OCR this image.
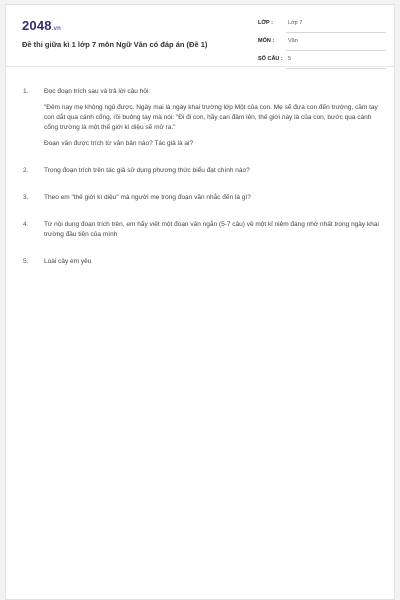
2048.vn
Đề thi giữa kì 1 lớp 7 môn Ngữ Văn có đáp án (Đề 1)
LỚP :	Lớp 7
MÔN :	Văn
SỐ CÂU : 5
1. Đọc đoạn trích sau và trả lời câu hỏi:
"Đêm nay mẹ không ngủ được. Ngày mai là ngày khai trường lớp Một của con. Mẹ sẽ đưa con đến trường, cầm tay con dắt qua cánh cổng, rồi buông tay mà nói: "Đi đi con, hãy can đảm lên, thế giới này là của con, bước qua cánh cổng trường là một thế giới kì diệu sẽ mở ra."
Đoạn văn được trích từ văn bản nào? Tác giả là ai?
2. Trong đoạn trích trên tác giả sử dụng phương thức biểu đạt chính nào?
3. Theo em "thế giới kì diệu" mà người mẹ trong đoạn văn nhắc đến là gì?
4. Từ nội dung đoạn trích trên, em hãy viết một đoạn văn ngắn (5-7 câu) về một kỉ niệm đáng nhớ nhất trong ngày khai trường đầu tiên của mình
5. Loài cây em yêu
